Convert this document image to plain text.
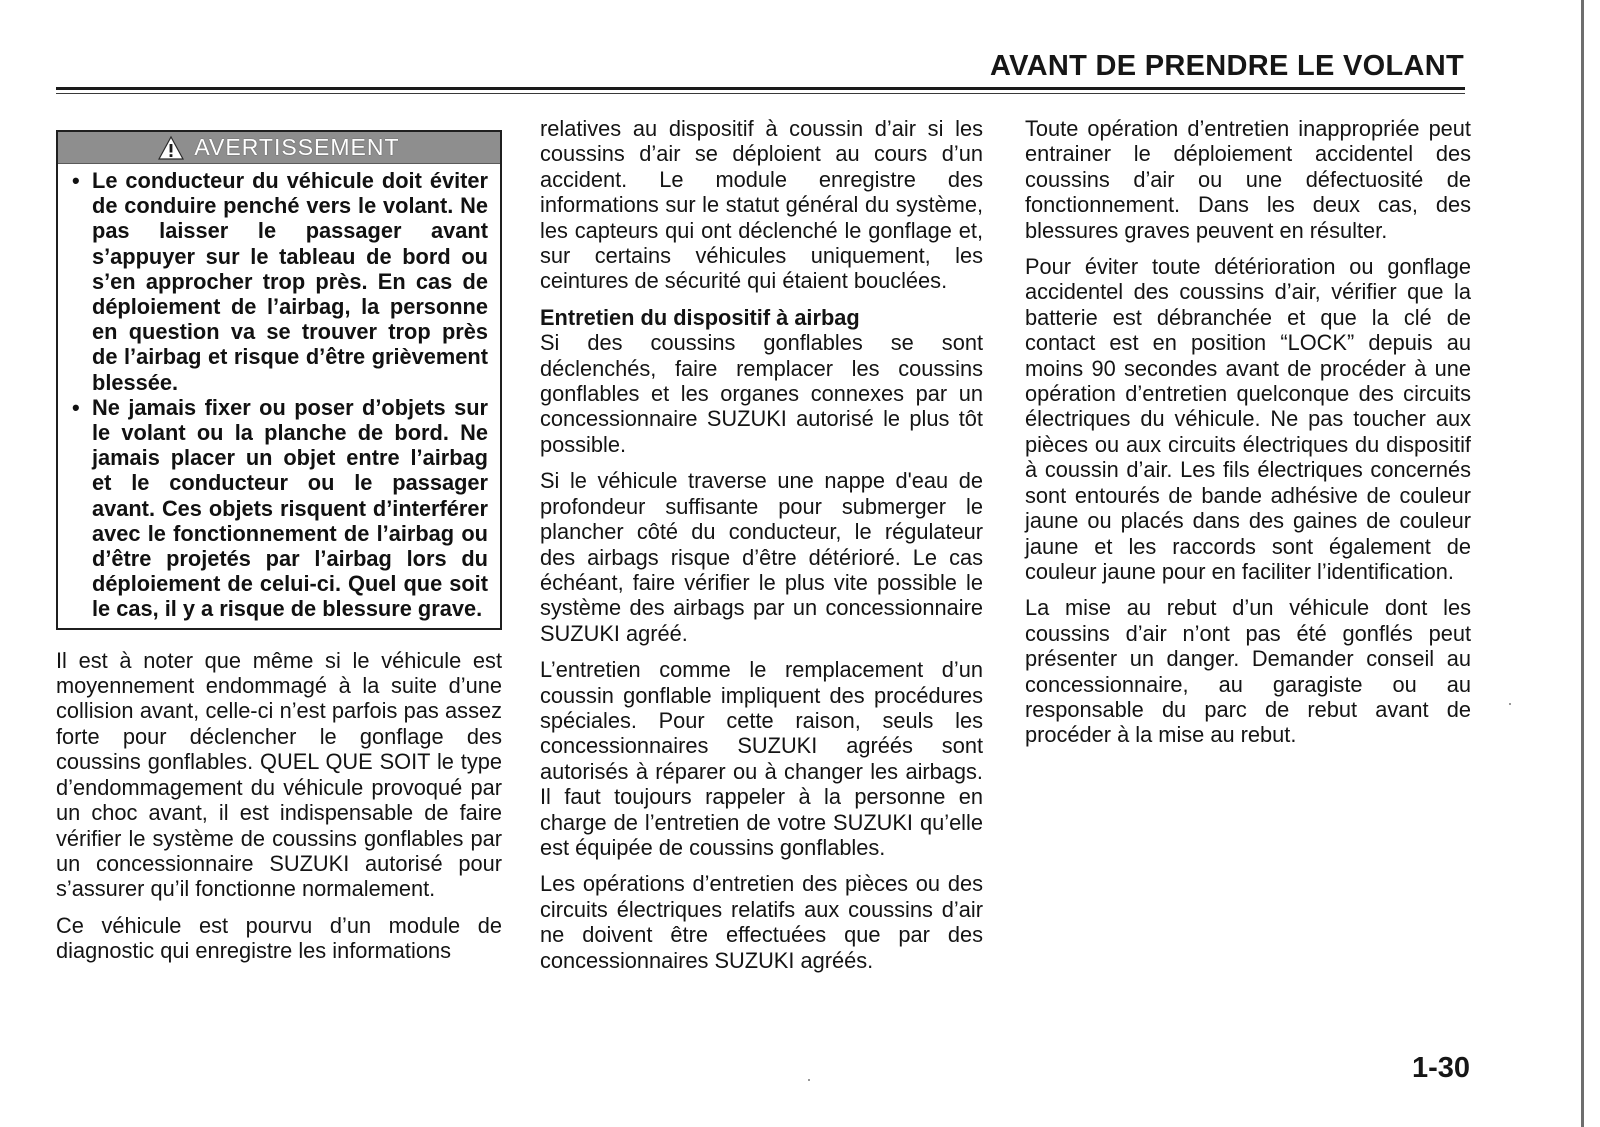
AVANT DE PRENDRE LE VOLANT
AVERTISSEMENT
• Le conducteur du véhicule doit éviter de conduire penché vers le volant. Ne pas laisser le passager avant s’appuyer sur le tableau de bord ou s’en approcher trop près. En cas de déploiement de l’airbag, la personne en question va se trouver trop près de l’airbag et risque d’être grièvement blessée.
• Ne jamais fixer ou poser d’objets sur le volant ou la planche de bord. Ne jamais placer un objet entre l’airbag et le conducteur ou le passager avant. Ces objets risquent d’interférer avec le fonctionnement de l’airbag ou d’être projetés par l’airbag lors du déploiement de celui-ci. Quel que soit le cas, il y a risque de blessure grave.

Il est à noter que même si le véhicule est moyennement endommagé à la suite d’une collision avant, celle-ci n’est parfois pas assez forte pour déclencher le gonflage des coussins gonflables. QUEL QUE SOIT le type d’endommagement du véhicule provoqué par un choc avant, il est indispensable de faire vérifier le système de coussins gonflables par un concessionnaire SUZUKI autorisé pour s’assurer qu’il fonctionne normalement.

Ce véhicule est pourvu d’un module de diagnostic qui enregistre les informations

relatives au dispositif à coussin d’air si les coussins d’air se déploient au cours d’un accident. Le module enregistre des informations sur le statut général du système, les capteurs qui ont déclenché le gonflage et, sur certains véhicules uniquement, les ceintures de sécurité qui étaient bouclées.

Entretien du dispositif à airbag

Si des coussins gonflables se sont déclenchés, faire remplacer les coussins gonflables et les organes connexes par un concessionnaire SUZUKI autorisé le plus tôt possible.

Si le véhicule traverse une nappe d'eau de profondeur suffisante pour submerger le plancher côté du conducteur, le régulateur des airbags risque d’être détérioré. Le cas échéant, faire vérifier le plus vite possible le système des airbags par un concessionnaire SUZUKI agréé.

L’entretien comme le remplacement d’un coussin gonflable impliquent des procédures spéciales. Pour cette raison, seuls les concessionnaires SUZUKI agréés sont autorisés à réparer ou à changer les airbags. Il faut toujours rappeler à la personne en charge de l’entretien de votre SUZUKI qu’elle est équipée de coussins gonflables.

Les opérations d’entretien des pièces ou des circuits électriques relatifs aux coussins d’air ne doivent être effectuées que par des concessionnaires SUZUKI agréés.

Toute opération d’entretien inappropriée peut entrainer le déploiement accidentel des coussins d’air ou une défectuosité de fonctionnement. Dans les deux cas, des blessures graves peuvent en résulter.

Pour éviter toute détérioration ou gonflage accidentel des coussins d’air, vérifier que la batterie est débranchée et que la clé de contact est en position “LOCK” depuis au moins 90 secondes avant de procéder à une opération d’entretien quelconque des circuits électriques du véhicule. Ne pas toucher aux pièces ou aux circuits électriques du dispositif à coussin d’air. Les fils électriques concernés sont entourés de bande adhésive de couleur jaune ou placés dans des gaines de couleur jaune et les raccords sont également de couleur jaune pour en faciliter l’identification.

La mise au rebut d’un véhicule dont les coussins d’air n’ont pas été gonflés peut présenter un danger. Demander conseil au concessionnaire, au garagiste ou au responsable du parc de rebut avant de procéder à la mise au rebut.

1-30
